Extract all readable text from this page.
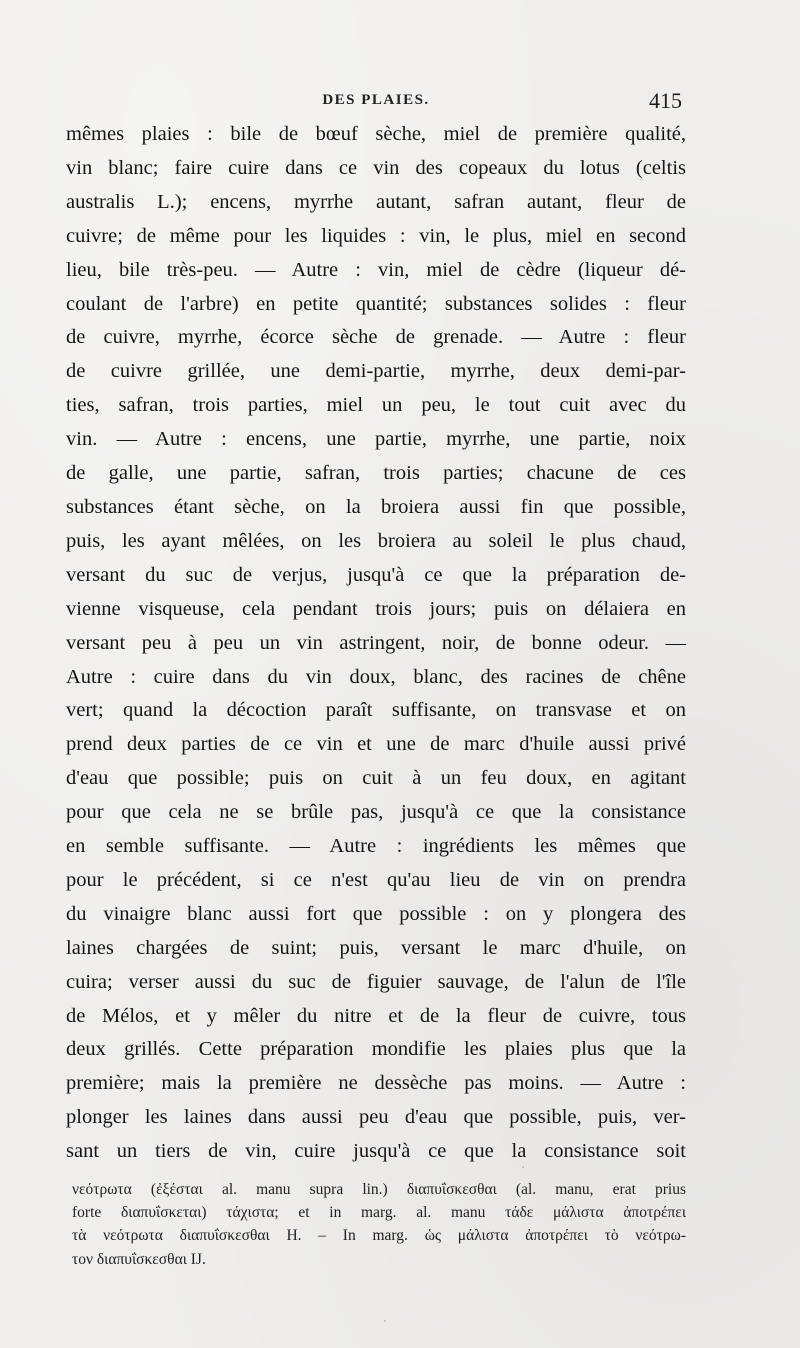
DES PLAIES.	415
mêmes plaies : bile de bœuf sèche, miel de première qualité,
vin blanc; faire cuire dans ce vin des copeaux du lotus (celtis
australis L.); encens, myrrhe autant, safran autant, fleur de
cuivre; de même pour les liquides : vin, le plus, miel en second
lieu, bile très-peu. — Autre : vin, miel de cèdre (liqueur dé-
coulant de l'arbre) en petite quantité; substances solides : fleur
de cuivre, myrrhe, écorce sèche de grenade. — Autre : fleur
de cuivre grillée, une demi-partie, myrrhe, deux demi-par-
ties, safran, trois parties, miel un peu, le tout cuit avec du
vin. — Autre : encens, une partie, myrrhe, une partie, noix
de galle, une partie, safran, trois parties; chacune de ces
substances étant sèche, on la broiera aussi fin que possible,
puis, les ayant mêlées, on les broiera au soleil le plus chaud,
versant du suc de verjus, jusqu'à ce que la préparation de-
vienne visqueuse, cela pendant trois jours; puis on délaiera en
versant peu à peu un vin astringent, noir, de bonne odeur. —
Autre : cuire dans du vin doux, blanc, des racines de chêne
vert; quand la décoction paraît suffisante, on transvase et on
prend deux parties de ce vin et une de marc d'huile aussi privé
d'eau que possible; puis on cuit à un feu doux, en agitant
pour que cela ne se brûle pas, jusqu'à ce que la consistance
en semble suffisante. — Autre : ingrédients les mêmes que
pour le précédent, si ce n'est qu'au lieu de vin on prendra
du vinaigre blanc aussi fort que possible : on y plongera des
laines chargées de suint; puis, versant le marc d'huile, on
cuira; verser aussi du suc de figuier sauvage, de l'alun de l'île
de Mélos, et y mêler du nitre et de la fleur de cuivre, tous
deux grillés. Cette préparation mondifie les plaies plus que la
première; mais la première ne dessèche pas moins. — Autre :
plonger les laines dans aussi peu d'eau que possible, puis, ver-
sant un tiers de vin, cuire jusqu'à ce que la consistance soit
νεότρωτα (ἐξέσται al. manu supra lin.) διαπυΐσκεσθαι (al. manu, erat prius
forte διαπυΐσκεται) τάχιστα; et in marg. al. manu τάδε μάλιστα ἀποτρέπει
τὰ νεότρωτα διαπυΐσκεσθαι H. – In marg. ὡς μάλιστα ἀποτρέπει τὸ νεότρω-
τον διαπυΐσκεσθαι IJ.
